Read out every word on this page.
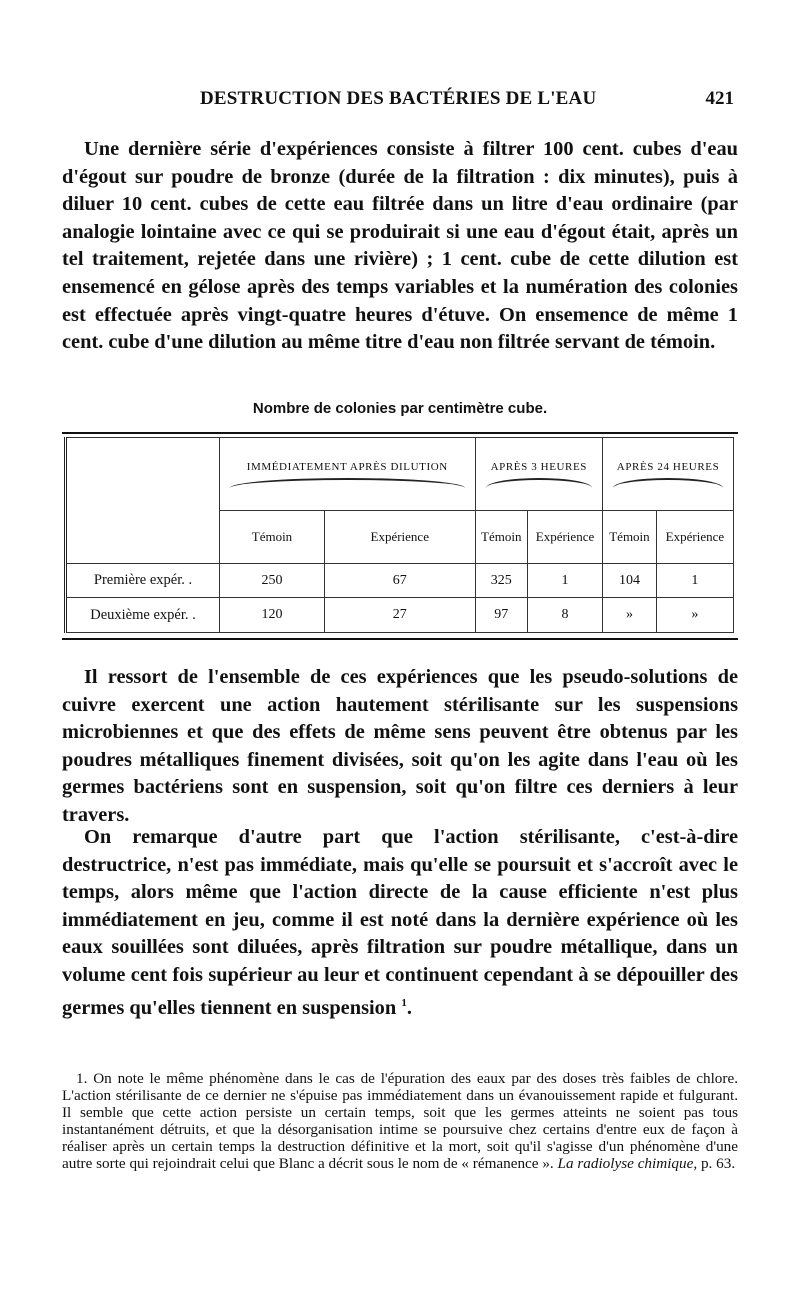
DESTRUCTION DES BACTÉRIES DE L'EAU	421

Une dernière série d'expériences consiste à filtrer 100 cent. cubes d'eau d'égout sur poudre de bronze (durée de la filtration : dix minutes), puis à diluer 10 cent. cubes de cette eau filtrée dans un litre d'eau ordinaire (par analogie lointaine avec ce qui se produirait si une eau d'égout était, après un tel traitement, rejetée dans une rivière) ; 1 cent. cube de cette dilution est ensemencé en gélose après des temps variables et la numération des colonies est effectuée après vingt-quatre heures d'étuve. On ensemence de même 1 cent. cube d'une dilution au même titre d'eau non filtrée servant de témoin.

Nombre de colonies par centimètre cube.
	IMMÉDIATEMENT APRÈS DILUTION		APRÈS 3 HEURES		APRÈS 24 HEURES	

	Témoin	Expérience	Témoin	Expérience	Témoin	Expérience
Première expér. .	250	67	325	1	104	1
Deuxième expér. .	120	27	97	8	»	»

Il ressort de l'ensemble de ces expériences que les pseudo-solutions de cuivre exercent une action hautement stérilisante sur les suspensions microbiennes et que des effets de même sens peuvent être obtenus par les poudres métalliques finement divisées, soit qu'on les agite dans l'eau où les germes bactériens sont en suspension, soit qu'on filtre ces derniers à leur travers.

On remarque d'autre part que l'action stérilisante, c'est-à-dire destructrice, n'est pas immédiate, mais qu'elle se poursuit et s'accroît avec le temps, alors même que l'action directe de la cause efficiente n'est plus immédiatement en jeu, comme il est noté dans la dernière expérience où les eaux souillées sont diluées, après filtration sur poudre métallique, dans un volume cent fois supérieur au leur et continuent cependant à se dépouiller des germes qu'elles tiennent en suspension $^1$.

1. On note le même phénomène dans le cas de l'épuration des eaux par des doses très faibles de chlore. L'action stérilisante de ce dernier ne s'épuise pas immédiatement dans un évanouissement rapide et fulgurant. Il semble que cette action persiste un certain temps, soit que les germes atteints ne soient pas tous instantanément détruits, et que la désorganisation intime se poursuive chez certains d'entre eux de façon à réaliser après un certain temps la destruction définitive et la mort, soit qu'il s'agisse d'un phénomène d'une autre sorte qui rejoindrait celui que Blanc a décrit sous le nom de « rémanence ». La radiolyse chimique, p. 63.
